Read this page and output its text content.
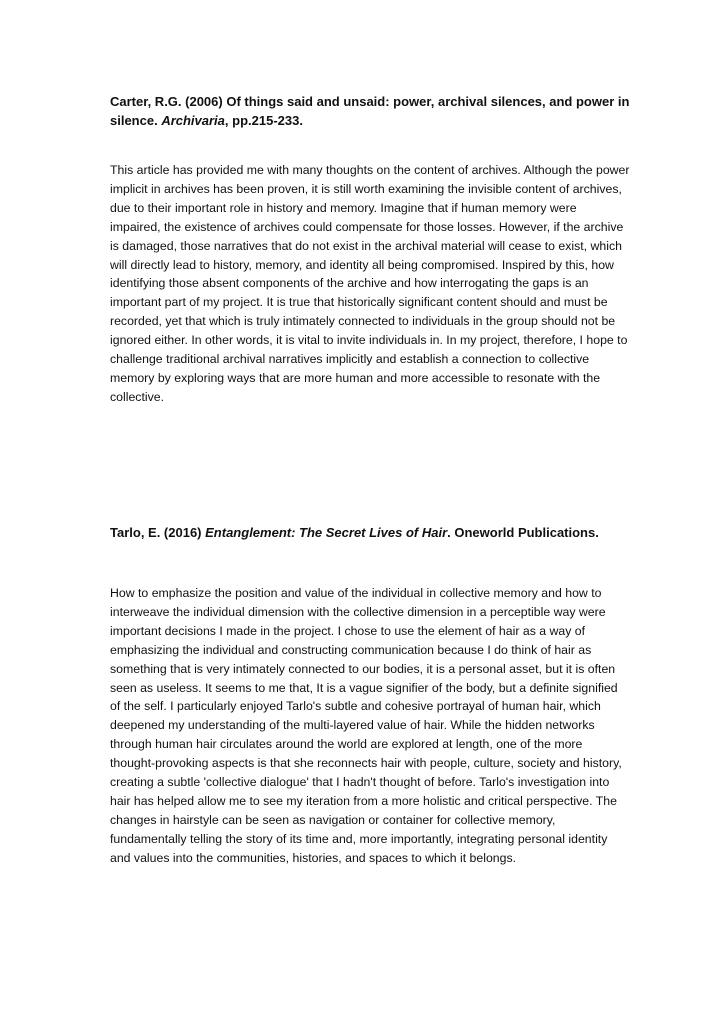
Carter, R.G. (2006) Of things said and unsaid: power, archival silences, and power in silence. Archivaria, pp.215-233.

This article has provided me with many thoughts on the content of archives. Although the power implicit in archives has been proven, it is still worth examining the invisible content of archives, due to their important role in history and memory. Imagine that if human memory were impaired, the existence of archives could compensate for those losses. However, if the archive is damaged, those narratives that do not exist in the archival material will cease to exist, which will directly lead to history, memory, and identity all being compromised. Inspired by this, how identifying those absent components of the archive and how interrogating the gaps is an important part of my project. It is true that historically significant content should and must be recorded, yet that which is truly intimately connected to individuals in the group should not be ignored either. In other words, it is vital to invite individuals in. In my project, therefore, I hope to challenge traditional archival narratives implicitly and establish a connection to collective memory by exploring ways that are more human and more accessible to resonate with the collective.

Tarlo, E. (2016) Entanglement: The Secret Lives of Hair. Oneworld Publications.

How to emphasize the position and value of the individual in collective memory and how to interweave the individual dimension with the collective dimension in a perceptible way were important decisions I made in the project. I chose to use the element of hair as a way of emphasizing the individual and constructing communication because I do think of hair as something that is very intimately connected to our bodies, it is a personal asset, but it is often seen as useless. It seems to me that, It is a vague signifier of the body, but a definite signified of the self. I particularly enjoyed Tarlo's subtle and cohesive portrayal of human hair, which deepened my understanding of the multi-layered value of hair. While the hidden networks through human hair circulates around the world are explored at length, one of the more thought-provoking aspects is that she reconnects hair with people, culture, society and history, creating a subtle 'collective dialogue' that I hadn't thought of before. Tarlo's investigation into hair has helped allow me to see my iteration from a more holistic and critical perspective. The changes in hairstyle can be seen as navigation or container for collective memory, fundamentally telling the story of its time and, more importantly, integrating personal identity and values into the communities, histories, and spaces to which it belongs.
